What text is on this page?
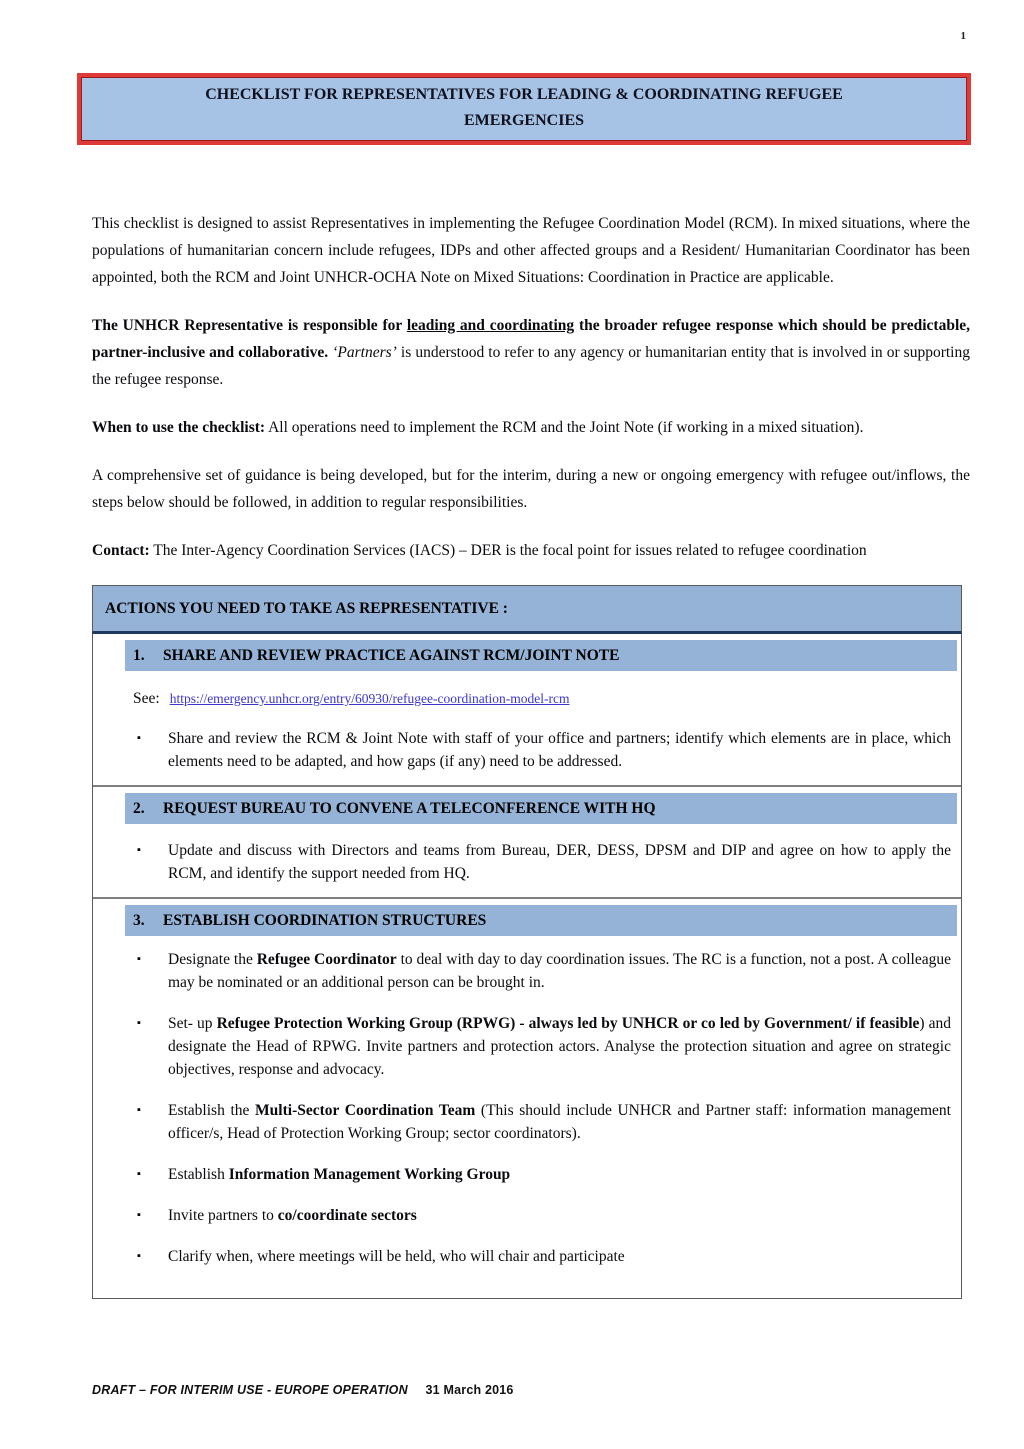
1
CHECKLIST FOR REPRESENTATIVES FOR LEADING & COORDINATING REFUGEE
EMERGENCIES

This checklist is designed to assist Representatives in implementing the Refugee Coordination Model (RCM). In mixed situations, where the populations of humanitarian concern include refugees, IDPs and other affected groups and a Resident/ Humanitarian Coordinator has been appointed, both the RCM and Joint UNHCR-OCHA Note on Mixed Situations: Coordination in Practice are applicable.

The UNHCR Representative is responsible for leading and coordinating the broader refugee response which should be predictable, partner-inclusive and collaborative. ‘Partners’ is understood to refer to any agency or humanitarian entity that is involved in or supporting the refugee response.

When to use the checklist: All operations need to implement the RCM and the Joint Note (if working in a mixed situation).

A comprehensive set of guidance is being developed, but for the interim, during a new or ongoing emergency with refugee out/inflows, the steps below should be followed, in addition to regular responsibilities.

Contact: The Inter-Agency Coordination Services (IACS) – DER is the focal point for issues related to refugee coordination

ACTIONS YOU NEED TO TAKE AS REPRESENTATIVE :
1.	SHARE AND REVIEW PRACTICE AGAINST RCM/JOINT NOTE
See: https://emergency.unhcr.org/entry/60930/refugee-coordination-model-rcm
▪	Share and review the RCM & Joint Note with staff of your office and partners; identify which elements are in place, which elements need to be adapted, and how gaps (if any) need to be addressed.
2.	REQUEST BUREAU TO CONVENE A TELECONFERENCE WITH HQ
▪	Update and discuss with Directors and teams from Bureau, DER, DESS, DPSM and DIP and agree on how to apply the RCM, and identify the support needed from HQ.
3.	ESTABLISH COORDINATION STRUCTURES
▪	Designate the Refugee Coordinator to deal with day to day coordination issues. The RC is a function, not a post. A colleague may be nominated or an additional person can be brought in.
▪	Set- up Refugee Protection Working Group (RPWG) - always led by UNHCR or co led by Government/ if feasible) and designate the Head of RPWG. Invite partners and protection actors. Analyse the protection situation and agree on strategic objectives, response and advocacy.
▪	Establish the Multi-Sector Coordination Team (This should include UNHCR and Partner staff: information management officer/s, Head of Protection Working Group; sector coordinators).
▪	Establish Information Management Working Group
▪	Invite partners to co/coordinate sectors
▪	Clarify when, where meetings will be held, who will chair and participate
DRAFT – FOR INTERIM USE - EUROPE OPERATION 31 March 2016
